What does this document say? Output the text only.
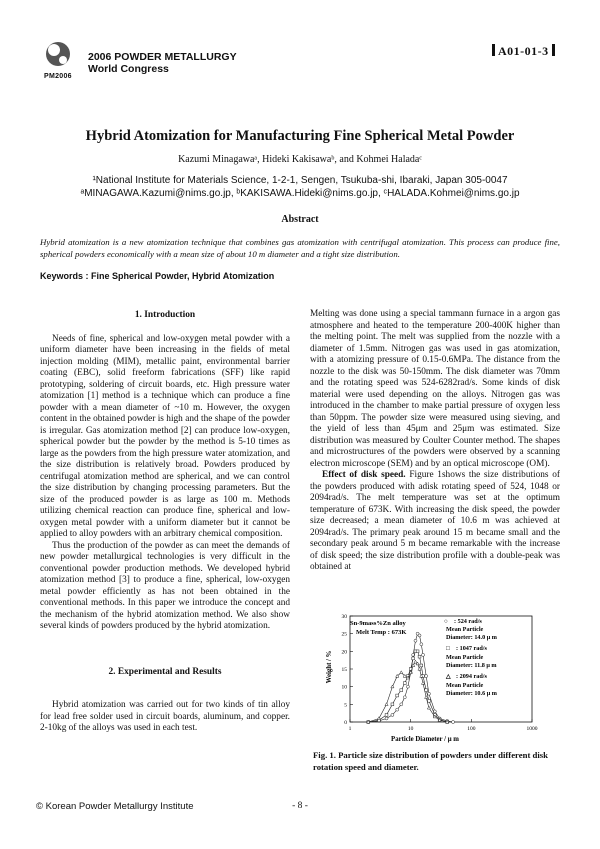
PM2006
2006 POWDER METALLURGY
World Congress
A01-01-3
Hybrid Atomization for Manufacturing Fine Spherical Metal Powder
Kazumi Minagawaᵃ, Hideki Kakisawaᵇ, and Kohmei Haladaᶜ
¹National Institute for Materials Science, 1-2-1, Sengen, Tsukuba-shi, Ibaraki, Japan 305-0047
ᵃMINAGAWA.Kazumi@nims.go.jp, ᵇKAKISAWA.Hideki@nims.go.jp, ᶜHALADA.Kohmei@nims.go.jp
Abstract
Hybrid atomization is a new atomization technique that combines gas atomization with centrifugal atomization. This process can produce fine, spherical powders economically with a mean size of about 10 m diameter and a tight size distribution.
Keywords : Fine Spherical Powder, Hybrid Atomization
1. Introduction

Needs of fine, spherical and low-oxygen metal powder with a uniform diameter have been increasing in the fields of metal injection molding (MIM), metallic paint, environmental barrier coating (EBC), solid freeform fabrications (SFF) like rapid prototyping, soldering of circuit boards, etc. High pressure water atomization [1] method is a technique which can produce a fine powder with a mean diameter of ~10 m. However, the oxygen content in the obtained powder is high and the shape of the powder is irregular. Gas atomization method [2] can produce low-oxygen, spherical powder but the powder by the method is 5-10 times as large as the powders from the high pressure water atomization, and the size distribution is relatively broad. Powders produced by centrifugal atomization method are spherical, and we can control the size distribution by changing processing parameters. But the size of the produced powder is as large as 100 m. Methods utilizing chemical reaction can produce fine, spherical and low-oxygen metal powder with a uniform diameter but it cannot be applied to alloy powders with an arbitrary chemical composition.

Thus the production of the powder as can meet the demands of new powder metallurgical technologies is very difficult in the conventional powder production methods. We developed hybrid atomization method [3] to produce a fine, spherical, low-oxygen metal powder efficiently as has not been obtained in the conventional methods. In this paper we introduce the concept and the mechanism of the hybrid atomization method. We also show several kinds of powders produced by the hybrid atomization.

2. Experimental and Results

Hybrid atomization was carried out for two kinds of tin alloy for lead free solder used in circuit boards, aluminum, and copper. 2-10kg of the alloys was used in each test.

Melting was done using a special tammann furnace in a argon gas atmosphere and heated to the temperature 200-400K higher than the melting point. The melt was supplied from the nozzle with a diameter of 1.5mm. Nitrogen gas was used in gas atomization, with a atomizing pressure of 0.15-0.6MPa. The distance from the nozzle to the disk was 50-150mm. The disk diameter was 70mm and the rotating speed was 524-6282rad/s. Some kinds of disk material were used depending on the alloys. Nitrogen gas was introduced in the chamber to make partial pressure of oxygen less than 50ppm. The powder size were measured using sieving, and the yield of less than 45μm and 25μm was estimated. Size distribution was measured by Coulter Counter method. The shapes and microstructures of the powders were observed by a scanning electron microscope (SEM) and by an optical microscope (OM).

Effect of disk speed. Figure 1shows the size distributions of the powders produced with adisk rotating speed of 524, 1048 or 2094rad/s. The melt temperature was set at the optimum temperature of 673K. With increasing the disk speed, the powder size decreased; a mean diameter of 10.6 m was achieved at 2094rad/s. The primary peak around 15 m became small and the secondary peak around 5 m became remarkable with the increase of disk speed; the size distribution profile with a double-peak was obtained at

0
5
10
15
20
25
30
1	10	100	1000
Sn-9mass%Zn alloy
Melt Temp : 673K
○ : 524 rad/s
Mean Particle
Diameter: 14.0 μ m
□ : 1047 rad/s
Mean Particle
Diameter: 11.8 μ m
△ : 2094 rad/s
Mean Particle
Diameter: 10.6 μ m
Particle Diameter / μ m
Weight / %
Fig. 1. Particle size distribution of powders under different disk rotation speed and diameter.
© Korean Powder Metallurgy Institute	- 8 -
